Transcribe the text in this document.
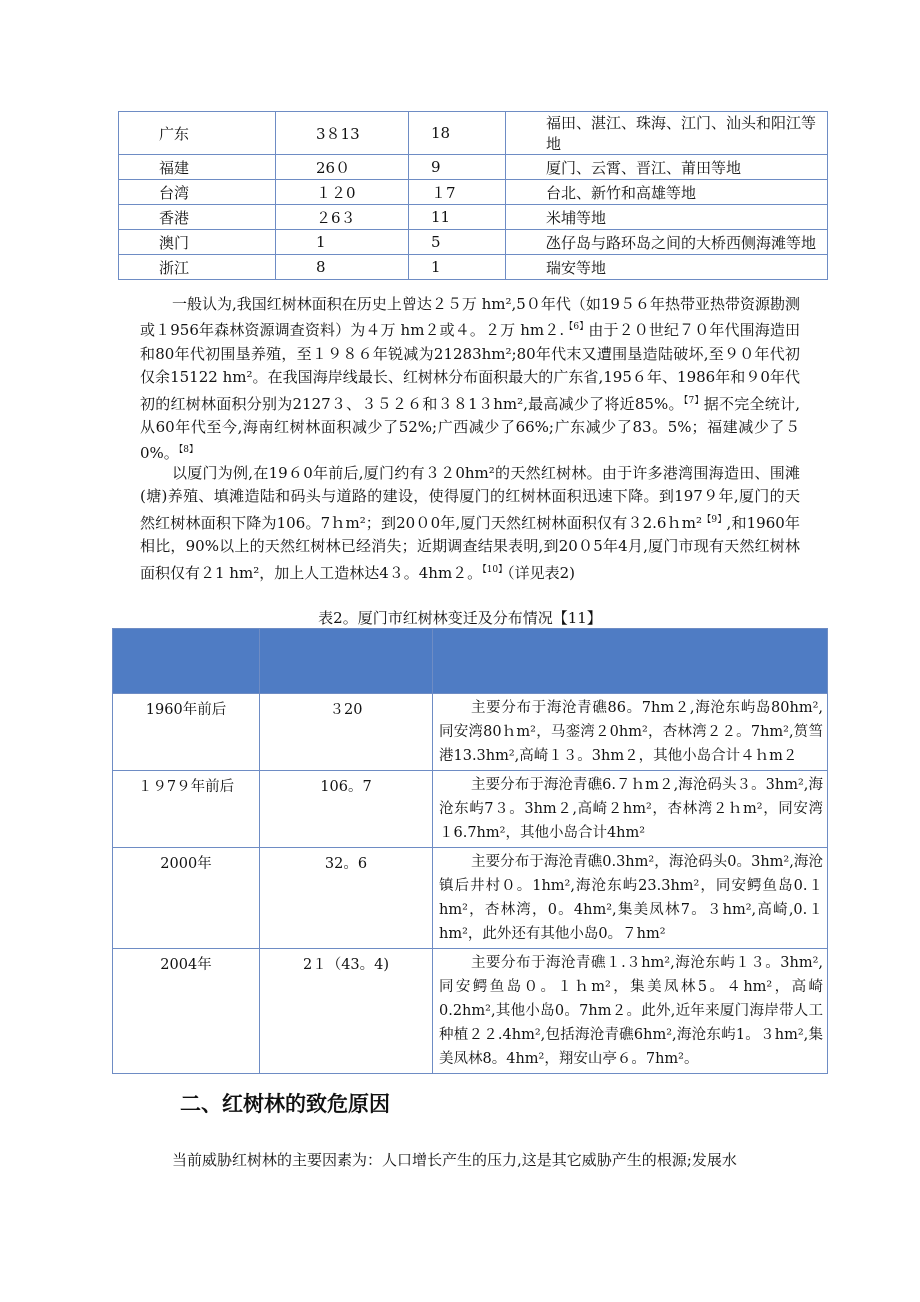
广东	3８13	18	福田、湛江、珠海、江门、汕头和阳江等地
福建	26０	9	厦门、云霄、晋江、莆田等地
台湾	１２0	１7	台北、新竹和高雄等地
香港	２6３	11	米埔等地
澳门	1	5	氹仔岛与路环岛之间的大桥西侧海滩等地
浙江	8	1	瑞安等地

一般认为,我国红树林面积在历史上曾达２５万 hm²,5０年代（如19５６年热带亚热带资源勘测或１956年森林资源调查资料）为４万 hm２或４。２万 hm２.$^{【6】}$由于２０世纪７０年代围海造田和80年代初围垦养殖，至１９８６年锐减为21283hm²;80年代末又遭围垦造陆破坏,至９０年代初仅余15122 hm²。在我国海岸线最长、红树林分布面积最大的广东省,195６年、1986年和９0年代初的红树林面积分别为2127３、３５２６和３８1３hm²,最高减少了将近85%。$^{【7】}$据不完全统计,从60年代至今,海南红树林面积减少了52%;广西减少了66%;广东减少了83。5%；福建减少了５0%。$^{【8】}$

以厦门为例,在19６0年前后,厦门约有３２0hm²的天然红树林。由于许多港湾围海造田、围滩(塘)养殖、填滩造陆和码头与道路的建设，使得厦门的红树林面积迅速下降。到197９年,厦门的天然红树林面积下降为106。7ｈm²；到20０0年,厦门天然红树林面积仅有３2.6ｈm²$^{【9】}$,和1960年相比，90%以上的天然红树林已经消失；近期调查结果表明,到20０5年4月,厦门市现有天然红树林面积仅有２1 hm²，加上人工造林达4３。4hm２。$^{【10】}$（详见表2)

表2。厦门市红树林变迁及分布情况【11】

1960年前后	３20	主要分布于海沧青礁86。7hm２,海沧东屿岛80hm²,同安湾80ｈm²，马銮湾２0hm²，杏林湾２２。7hm²,筼筜港13.3hm²,高崎１３。3hm２，其他小岛合计４ｈm２
１９7９年前后	106。7	主要分布于海沧青礁6.７ｈm２,海沧码头３。3hm²,海沧东屿7３。3hm２,高崎２hm²，杏林湾２ｈm²，同安湾１6.7hm²，其他小岛合计4hm²
2000年	32。6	主要分布于海沧青礁0.3hm²，海沧码头0。3hm²,海沧镇后井村０。1hm²,海沧东屿23.3hm²，同安鳄鱼岛0.１hm²，杏林湾，0。4hm²,集美凤林7。３hm²,高崎,0.１hm²，此外还有其他小岛0。７hm²
2004年	2１（43。4)	主要分布于海沧青礁１.３hm²,海沧东屿１３。3hm²,同安鳄鱼岛０。１ｈm²，集美凤林5。４hm²，高崎0.2hm²,其他小岛0。7hm２。此外,近年来厦门海岸带人工种植２２.4hm²,包括海沧青礁6hm²,海沧东屿1。３hm²,集美凤林8。4hm²，翔安山亭６。7hm²。
二、红树林的致危原因

当前威胁红树林的主要因素为：人口增长产生的压力,这是其它威胁产生的根源;发展水
